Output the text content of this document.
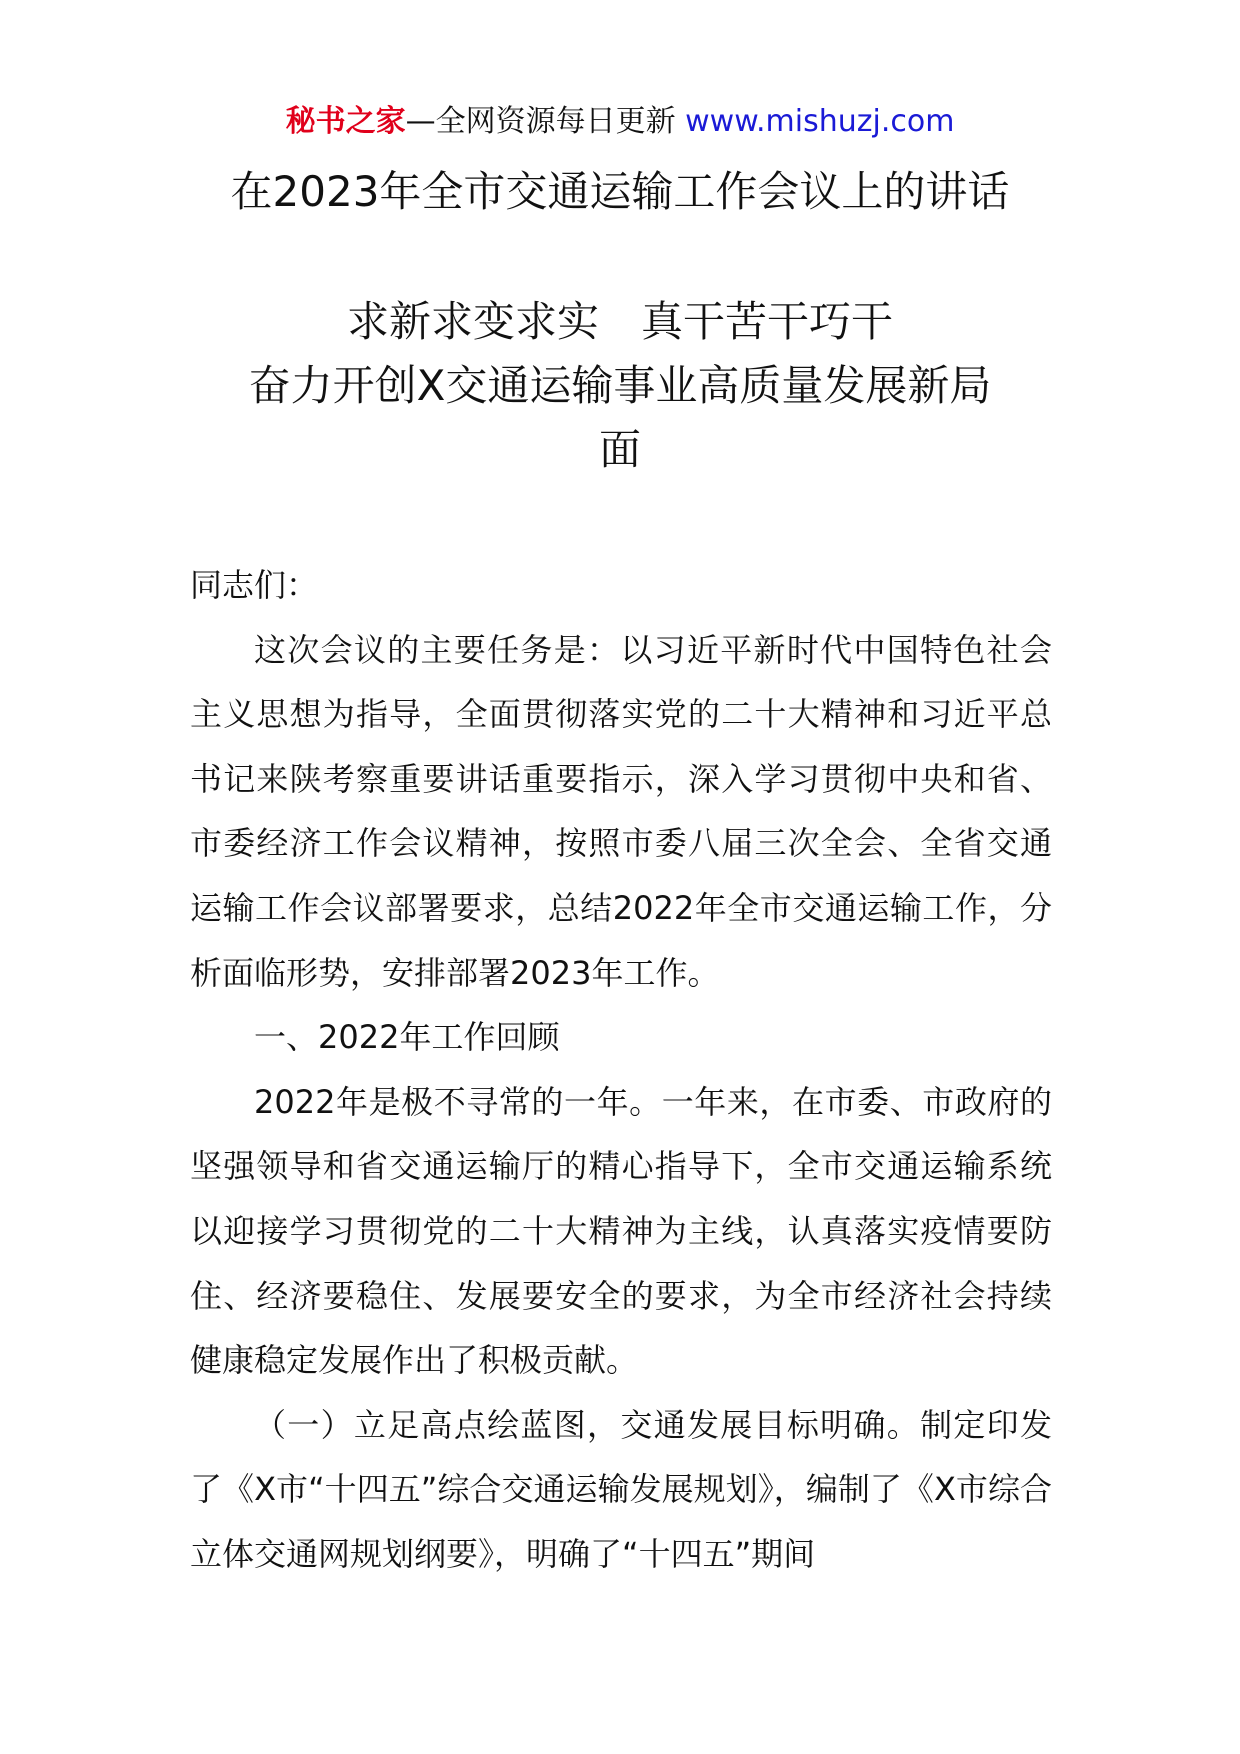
秘书之家—全网资源每日更新 www.mishuzj.com
在2023年全市交通运输工作会议上的讲话
求新求变求实　真干苦干巧干
奋力开创X交通运输事业高质量发展新局
面

同志们：

这次会议的主要任务是：以习近平新时代中国特色社会主义思想为指导，全面贯彻落实党的二十大精神和习近平总书记来陕考察重要讲话重要指示，深入学习贯彻中央和省、市委经济工作会议精神，按照市委八届三次全会、全省交通运输工作会议部署要求，总结2022年全市交通运输工作，分析面临形势，安排部署2023年工作。

一、2022年工作回顾

2022年是极不寻常的一年。一年来，在市委、市政府的坚强领导和省交通运输厅的精心指导下，全市交通运输系统以迎接学习贯彻党的二十大精神为主线，认真落实疫情要防住、经济要稳住、发展要安全的要求，为全市经济社会持续健康稳定发展作出了积极贡献。

（一）立足高点绘蓝图，交通发展目标明确。制定印发了《X市“十四五”综合交通运输发展规划》，编制了《X市综合立体交通网规划纲要》，明确了“十四五”期间
